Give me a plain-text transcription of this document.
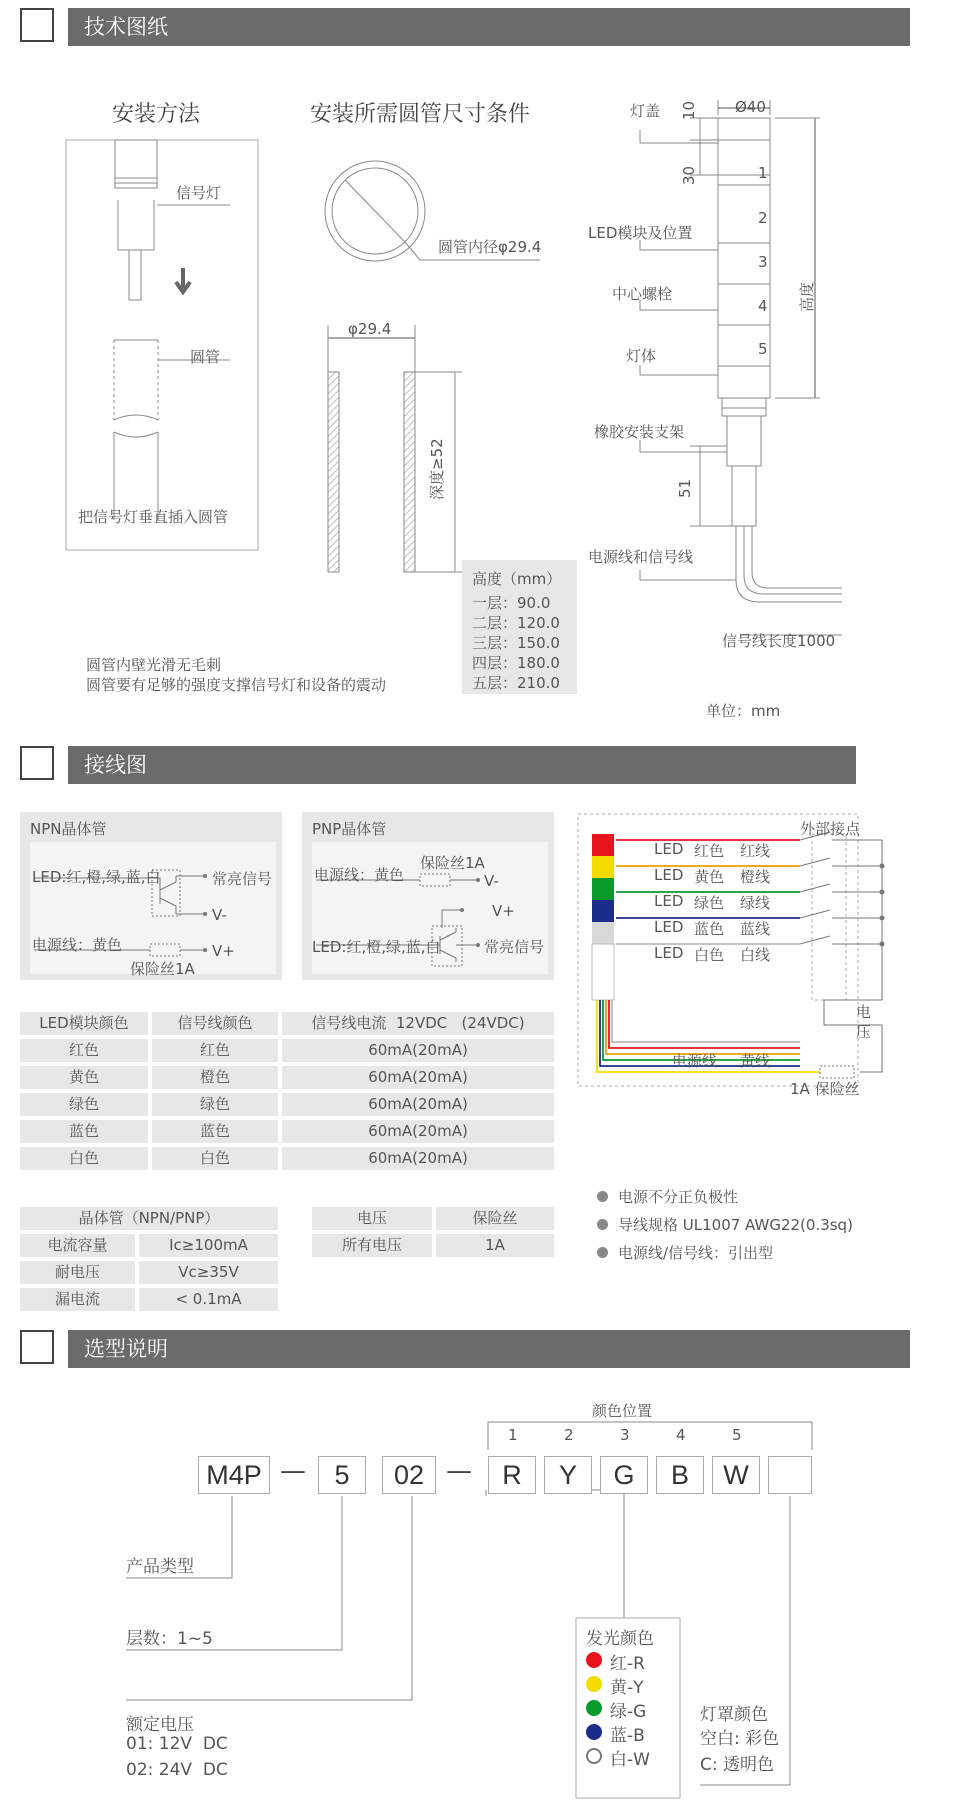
技术图纸
安装方法
信号灯
圆管
把信号灯垂直插入圆管
圆管内壁光滑无毛刺
圆管要有足够的强度支撑信号灯和设备的震动
安装所需圆管尺寸条件
圆管内径φ29.4
φ29.4
深度≥52
高度（mm）
一层：90.0
二层：120.0
三层：150.0
四层：180.0
五层：210.0
灯盖 10 Ø40
30
LED模块及位置
中心螺栓
灯体
橡胶安装支架
51
电源线和信号线
信号线长度1000
高度
单位：mm
1
2
3
4
5
接线图
NPN晶体管	PNP晶体管
LED:红,橙,绿,蓝,白	常亮信号
V-
电源线：黄色	V+
保险丝1A
电源线：黄色
保险丝1A
V-
V+
LED:红,橙,绿,蓝,白	常亮信号
外部接点
LED 红色 红线
LED 黄色 橙线
LED 绿色 绿线
LED 蓝色 蓝线
LED 白色 白线
电源线 黄线
电
压
1A 保险丝
LED模块颜色	信号线颜色	信号线电流  12VDC   (24VDC)
红色	红色	60mA(20mA)
黄色	橙色	60mA(20mA)
绿色	绿色	60mA(20mA)
蓝色	蓝色	60mA(20mA)
白色	白色	60mA(20mA)
晶体管（NPN/PNP）
电流容量	Ic≥100mA
耐电压	Vc≥35V
漏电流	< 0.1mA
电压	保险丝
所有电压	1A
电源不分正负极性
导线规格 UL1007 AWG22(0.3sq)
电源线/信号线：引出型
选型说明
颜色位置
1	2	3	4	5
M4P —	5	02 —	R	Y	G	B	W
产品类型
层数：1~5
额定电压
01: 12V  DC
02: 24V  DC
发光颜色
红-R
黄-Y
绿-G
蓝-B
白-W
灯罩颜色
空白: 彩色
C: 透明色
